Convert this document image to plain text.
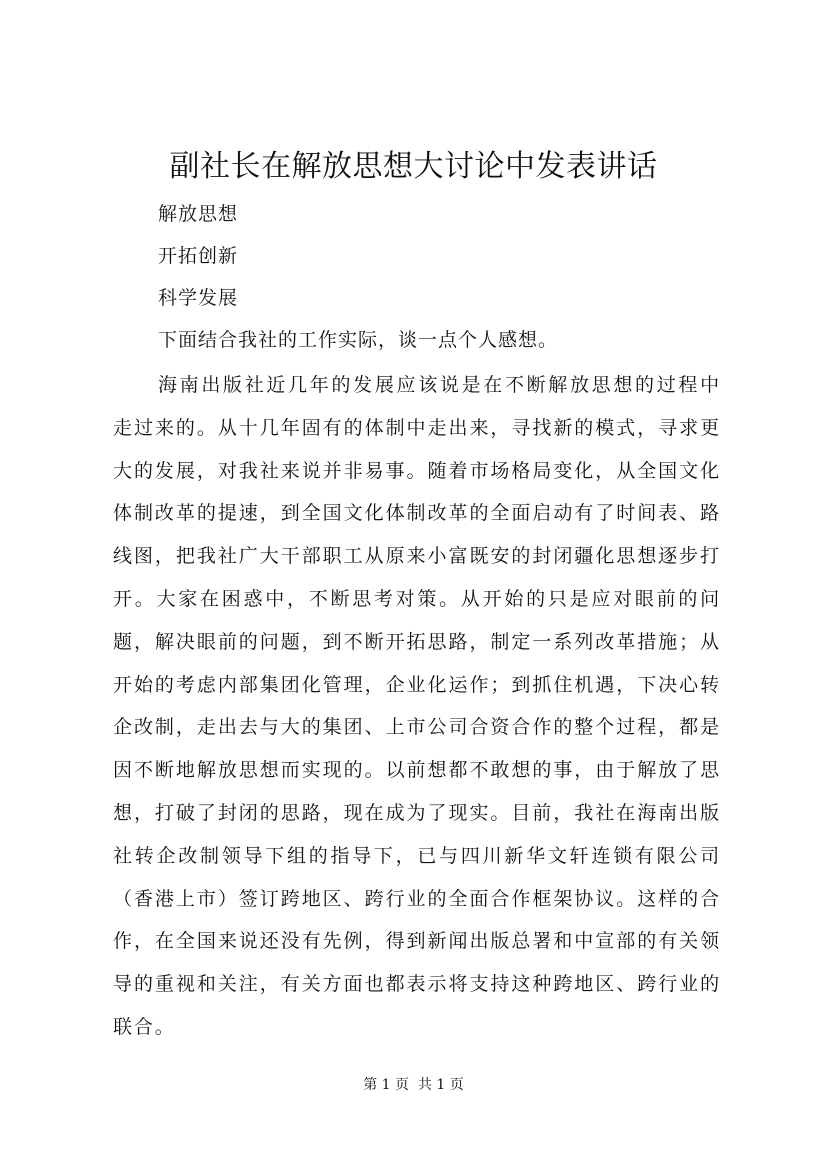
副社长在解放思想大讨论中发表讲话
解放思想
开拓创新
科学发展
下面结合我社的工作实际，谈一点个人感想。

海南出版社近几年的发展应该说是在不断解放思想的过程中走过来的。从十几年固有的体制中走出来，寻找新的模式，寻求更大的发展，对我社来说并非易事。随着市场格局变化，从全国文化体制改革的提速，到全国文化体制改革的全面启动有了时间表、路线图，把我社广大干部职工从原来小富既安的封闭疆化思想逐步打开。大家在困惑中，不断思考对策。从开始的只是应对眼前的问题，解决眼前的问题，到不断开拓思路，制定一系列改革措施；从开始的考虑内部集团化管理，企业化运作；到抓住机遇，下决心转企改制，走出去与大的集团、上市公司合资合作的整个过程，都是因不断地解放思想而实现的。以前想都不敢想的事，由于解放了思想，打破了封闭的思路，现在成为了现实。目前，我社在海南出版社转企改制领导下组的指导下，已与四川新华文轩连锁有限公司（香港上市）签订跨地区、跨行业的全面合作框架协议。这样的合作，在全国来说还没有先例，得到新闻出版总署和中宣部的有关领导的重视和关注，有关方面也都表示将支持这种跨地区、跨行业的联合。

第 1 页  共 1 页
